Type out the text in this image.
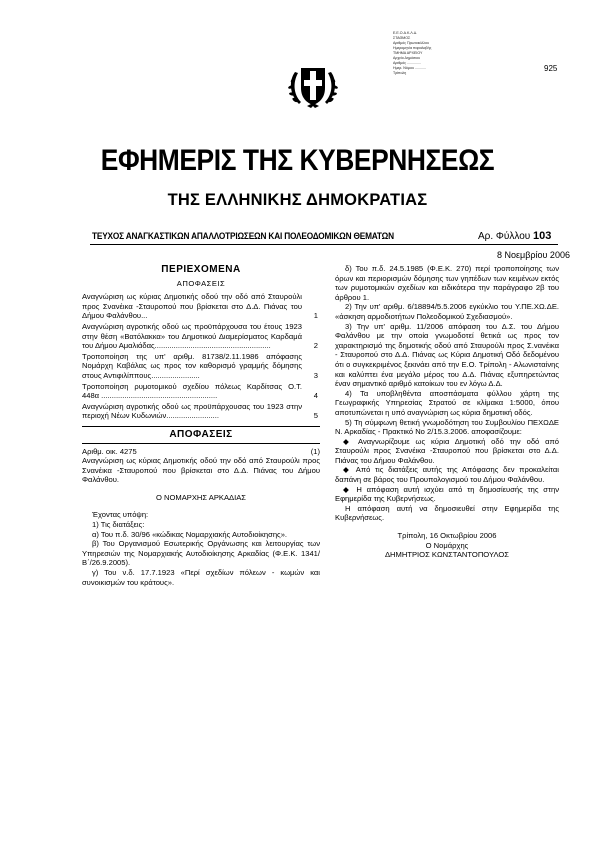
Ε.Ε.Ο.Α.Κ.Λ.Δ.
ΣΤΑΘΜΟΣ
Αριθμός Πρωτοκόλλου
Ημερομηνία παραλαβής
ΤΜΗΜΑ ΑΡΧΕΙΟΥ
Αρχείο Δημόσιου
Αριθμός ..............
Ημερ. Νόμου ...........
Τρίπολη	925
ΕΦΗΜΕΡΙΣ ΤΗΣ ΚΥΒΕΡΝΗΣΕΩΣ
ΤΗΣ ΕΛΛΗΝΙΚΗΣ ΔΗΜΟΚΡΑΤΙΑΣ
ΤΕΥΧΟΣ ΑΝΑΓΚΑΣΤΙΚΩΝ ΑΠΑΛΛΟΤΡΙΩΣΕΩΝ ΚΑΙ ΠΟΛΕΟΔΟΜΙΚΩΝ ΘΕΜΑΤΩΝ	Αρ. Φύλλου 103
8 Νοεμβρίου 2006
ΠΕΡΙΕΧΟΜΕΝΑ
ΑΠΟΦΑΣΕΙΣ
Αναγνώριση ως κύριας Δημοτικής οδού την οδό από Σταυρούλι προς Σνανέικα -Σταυροπού που βρίσκεται στο Δ.Δ. Πιάνας του Δήμου Φαλάνθου...	1
Αναγνώριση αγροτικής οδού ως προϋπάρχουσα του έτους 1923 στην θέση «Βατόλακκα» του Δημοτικού Διαμερίσματος Καρδαμά του Δήμου Αμαλιάδας.......................................................	2
Τροποποίηση της υπ' αριθμ. 81738/2.11.1986 απόφασης Νομάρχη Καβάλας ως προς τον καθορισμό γραμμής δόμησης στους Αντιφιλίππους.......................	3
Τροποποίηση ρυμοτομικού σχεδίου πόλεως Καρδίτσας Ο.Τ. 448α .......................................................	4
Αναγνώριση αγροτικής οδού ως προϋπάρχουσας του 1923 στην περιοχή Νέων Κυδωνιών.........................	5
ΑΠΟΦΑΣΕΙΣ
Αριθμ. οικ. 4275	(1)
Αναγνώριση ως κύριας Δημοτικής οδού την οδό από Σταυρούλι προς Σνανέικα -Σταυροπού που βρίσκεται στο Δ.Δ. Πιάνας του Δήμου Φαλάνθου.
Ο ΝΟΜΑΡΧΗΣ ΑΡΚΑΔΙΑΣ
Έχοντας υπόψη:
1) Τις διατάξεις:
α) Του π.δ. 30/96 «κώδικας Νομαρχιακής Αυτοδιοίκησης».
β) Του Οργανισμού Εσωτερικής Οργάνωσης και λειτουργίας των Υπηρεσιών της Νομαρχιακής Αυτοδιοίκησης Αρκαδίας (Φ.Ε.Κ. 1341/Β΄/26.9.2005).
γ) Του ν.δ. 17.7.1923 «Περί σχεδίων πόλεων - κωμών και συνοικισμών του κράτους».
δ) Του π.δ. 24.5.1985 (Φ.Ε.Κ. 270) περί τροποποίησης των όρων και περιορισμών δόμησης των γηπέδων των κειμένων εκτός των ρυμοτομικών σχεδίων και ειδικότερα την παράγραφο 2β του άρθρου 1.
2) Την υπ' αριθμ. 6/18894/5.5.2006 εγκύκλιο του Υ.ΠΕ.ΧΩ.ΔΕ. «άσκηση αρμοδιοτήτων Πολεοδομικού Σχεδιασμού».
3) Την υπ' αριθμ. 11/2006 απόφαση του Δ.Σ. του Δήμου Φαλάνθου με την οποία γνωμοδοτεί θετικά ως προς τον χαρακτηρισμό της δημοτικής οδού από Σταυρούλι προς Σ.νανέικα - Σταυροπού στο Δ.Δ. Πιάνας ως Κύρια Δημοτική Οδό δεδομένου ότι ο συγκεκριμένος ξεκινάει από την Ε.Ο. Τρίπολη - Αλωνισταίνης και καλύπτει ένα μεγάλο μέρος του Δ.Δ. Πιάνας εξυπηρετώντας έναν σημαντικό αριθμό κατοίκων του εν λόγω Δ.Δ.
4) Τα υποβληθέντα αποσπάσματα φύλλου χάρτη της Γεωγραφικής Υπηρεσίας Στρατού σε κλίμακα 1:5000, όπου αποτυπώνεται η υπό αναγνώριση ως κύρια δημοτική οδός.
5) Τη σύμφωνη θετική γνωμοδότηση του Συμβουλίου ΠΕΧΩΔΕ Ν. Αρκαδίας - Πρακτικό Νο 2/15.3.2006. αποφασίζουμε:
◆ Αναγνωρίζουμε ως κύρια Δημοτική οδό την οδό από Σταυρούλι προς Σνανέικα -Σταυροπού που βρίσκεται στο Δ.Δ. Πιάνας του Δήμου Φαλάνθου.
◆ Από τις διατάξεις αυτής της Απόφασης δεν προκαλείται δαπάνη σε βάρος του Προυπολογισμού του Δήμου Φαλάνθου.
◆ Η απόφαση αυτή ισχύει από τη δημοσίευσής της στην Εφημερίδα της Κυβερνήσεως.
Η απόφαση αυτή να δημοσιευθεί στην Εφημερίδα της Κυβερνήσεως.
Τρίπολη, 16 Οκτωβρίου 2006
Ο Νομάρχης
ΔΗΜΗΤΡΙΟΣ ΚΩΝΣΤΑΝΤΟΠΟΥΛΟΣ
